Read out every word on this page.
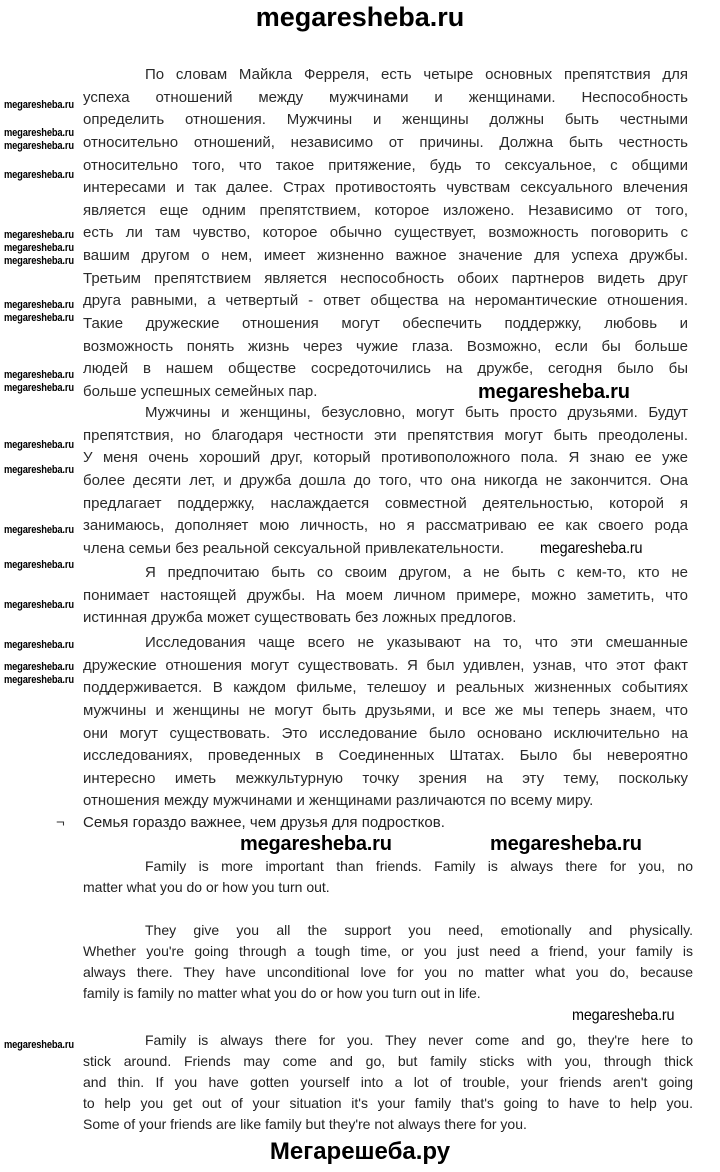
megaresheba.ru
По словам Майкла Ферреля, есть четыре основных препятствия для
успеха отношений между мужчинами и женщинами. Неспособность
определить отношения. Мужчины и женщины должны быть честными
относительно отношений, независимо от причины. Должна быть честность
относительно того, что такое притяжение, будь то сексуальное, с общими
интересами и так далее. Страх противостоять чувствам сексуального влечения
является еще одним препятствием, которое изложено. Независимо от того,
есть ли там чувство, которое обычно существует, возможность поговорить с
вашим другом о нем, имеет жизненно важное значение для успеха дружбы.
Третьим препятствием является неспособность обоих партнеров видеть друг
друга равными, а четвертый - ответ общества на неромантические отношения.
Такие дружеские отношения могут обеспечить поддержку, любовь и
возможность понять жизнь через чужие глаза. Возможно, если бы больше
людей в нашем обществе сосредоточились на дружбе, сегодня было бы
больше успешных семейных пар.
Мужчины и женщины, безусловно, могут быть просто друзьями. Будут
препятствия, но благодаря честности эти препятствия могут быть преодолены.
У меня очень хороший друг, который противоположного пола. Я знаю ее уже
более десяти лет, и дружба дошла до того, что она никогда не закончится. Она
предлагает поддержку, наслаждается совместной деятельностью, которой я
занимаюсь, дополняет мою личность, но я рассматриваю ее как своего рода
члена семьи без реальной сексуальной привлекательности.
Я предпочитаю быть со своим другом, а не быть с кем-то, кто не
понимает настоящей дружбы. На моем личном примере, можно заметить, что
истинная дружба может существовать без ложных предлогов.
Исследования чаще всего не указывают на то, что эти смешанные
дружеские отношения могут существовать. Я был удивлен, узнав, что этот факт
поддерживается. В каждом фильме, телешоу и реальных жизненных событиях
мужчины и женщины не могут быть друзьями, и все же мы теперь знаем, что
они могут существовать. Это исследование было основано исключительно на
исследованиях, проведенных в Соединенных Штатах. Было бы невероятно
интересно иметь межкультурную точку зрения на эту тему, поскольку
отношения между мужчинами и женщинами различаются по всему миру.
¬ Семья гораздо важнее, чем друзья для подростков.
Family is more important than friends. Family is always there for you, no
matter what you do or how you turn out.
They give you all the support you need, emotionally and physically.
Whether you're going through a tough time, or you just need a friend, your family is
always there. They have unconditional love for you no matter what you do, because
family is family no matter what you do or how you turn out in life.
Family is always there for you. They never come and go, they're here to
stick around. Friends may come and go, but family sticks with you, through thick
and thin. If you have gotten yourself into a lot of trouble, your friends aren't going
to help you get out of your situation it's your family that's going to have to help you.
Some of your friends are like family but they're not always there for you.
megaresheba.ru
megaresheba.ru
megaresheba.ru
megaresheba.ru
megaresheba.ru
megaresheba.ru
megaresheba.ru
megaresheba.ru
megaresheba.ru
megaresheba.ru
megaresheba.ru	megaresheba.ru
megaresheba.ru
megaresheba.ru
megaresheba.ru
megaresheba.ru
megaresheba.ru
megaresheba.ru
megaresheba.ru
megaresheba.ru
megaresheba.ru
megaresheba.ru	megaresheba.ru
megaresheba.ru
megaresheba.ru
Мегарешеба.ру
